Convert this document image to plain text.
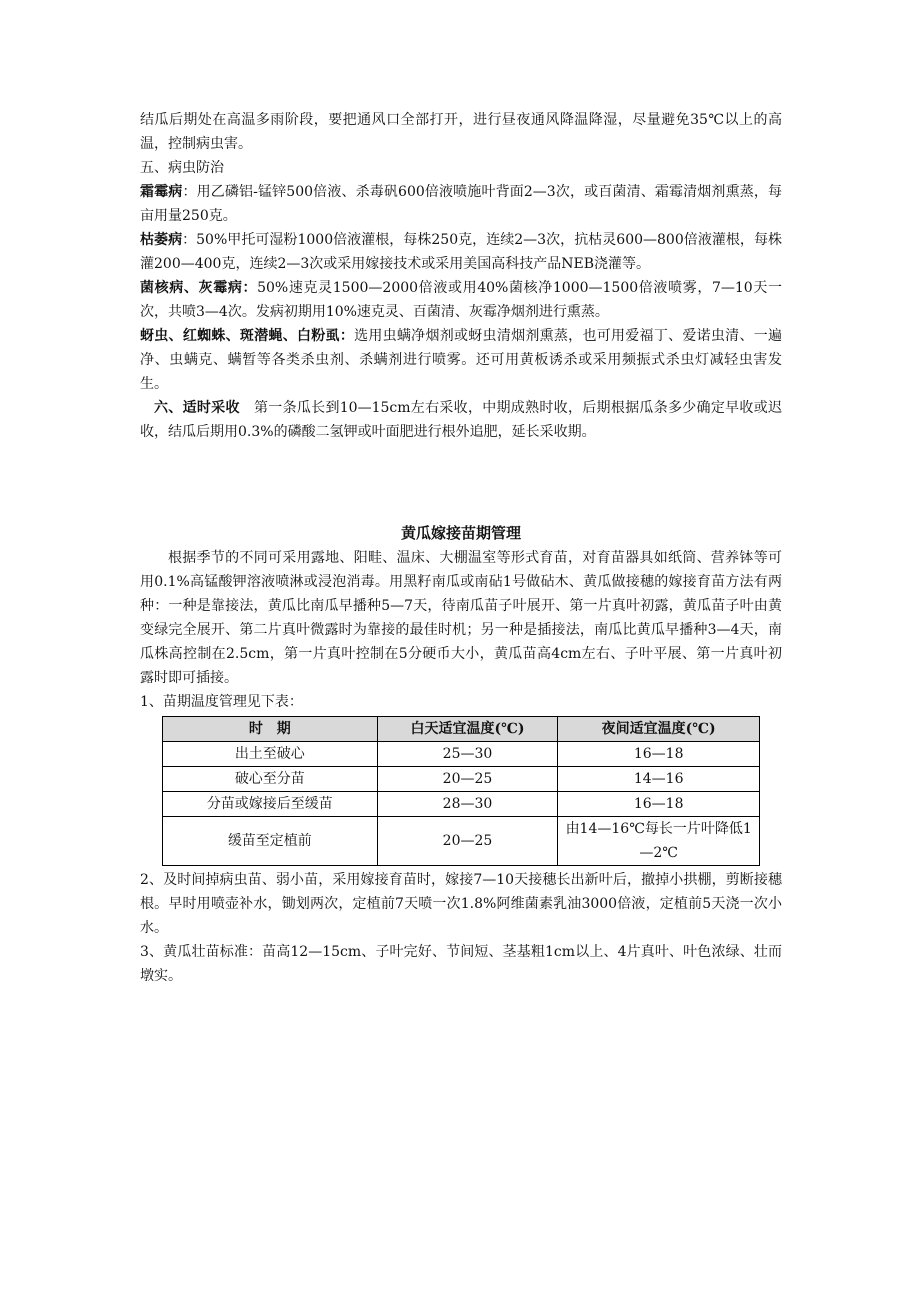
结瓜后期处在高温多雨阶段，要把通风口全部打开，进行昼夜通风降温降湿，尽量避免35℃以上的高温，控制病虫害。

五、病虫防治

霜霉病：用乙磷铝-锰锌500倍液、杀毒矾600倍液喷施叶背面2—3次，或百菌清、霜霉清烟剂熏蒸，每亩用量250克。

枯萎病：50%甲托可湿粉1000倍液灌根，每株250克，连续2—3次，抗枯灵600—800倍液灌根，每株灌200—400克，连续2—3次或采用嫁接技术或采用美国高科技产品NEB浇灌等。

菌核病、灰霉病：50%速克灵1500—2000倍液或用40%菌核净1000—1500倍液喷雾，7—10天一次，共喷3—4次。发病初期用10%速克灵、百菌清、灰霉净烟剂进行熏蒸。

蚜虫、红蜘蛛、斑潜蝇、白粉虱：选用虫螨净烟剂或蚜虫清烟剂熏蒸，也可用爱福丁、爱诺虫清、一遍净、虫螨克、螨暂等各类杀虫剂、杀螨剂进行喷雾。还可用黄板诱杀或采用频振式杀虫灯减轻虫害发生。

六、适时采收　第一条瓜长到10—15cm左右采收，中期成熟时收，后期根据瓜条多少确定早收或迟收，结瓜后期用0.3%的磷酸二氢钾或叶面肥进行根外追肥，延长采收期。

黄瓜嫁接苗期管理

根据季节的不同可采用露地、阳畦、温床、大棚温室等形式育苗，对育苗器具如纸筒、营养钵等可用0.1%高锰酸钾溶液喷淋或浸泡消毒。用黑籽南瓜或南砧1号做砧木、黄瓜做接穗的嫁接育苗方法有两种：一种是靠接法，黄瓜比南瓜早播种5—7天，待南瓜苗子叶展开、第一片真叶初露，黄瓜苗子叶由黄变绿完全展开、第二片真叶微露时为靠接的最佳时机；另一种是插接法，南瓜比黄瓜早播种3—4天，南瓜株高控制在2.5cm，第一片真叶控制在5分硬币大小，黄瓜苗高4cm左右、子叶平展、第一片真叶初露时即可插接。

1、苗期温度管理见下表：

时　期	白天适宜温度(℃)	夜间适宜温度(℃)
出土至破心	25—30	16—18
破心至分苗	20—25	14—16
分苗或嫁接后至缓苗	28—30	16—18
缓苗至定植前	20—25	由14—16℃每长一片叶降低1—2℃

2、及时间掉病虫苗、弱小苗，采用嫁接育苗时，嫁接7—10天接穗长出新叶后，撤掉小拱棚，剪断接穗根。早时用喷壶补水，锄划两次，定植前7天喷一次1.8%阿维菌素乳油3000倍液，定植前5天浇一次小水。

3、黄瓜壮苗标准：苗高12—15cm、子叶完好、节间短、茎基粗1cm以上、4片真叶、叶色浓绿、壮而墩实。
